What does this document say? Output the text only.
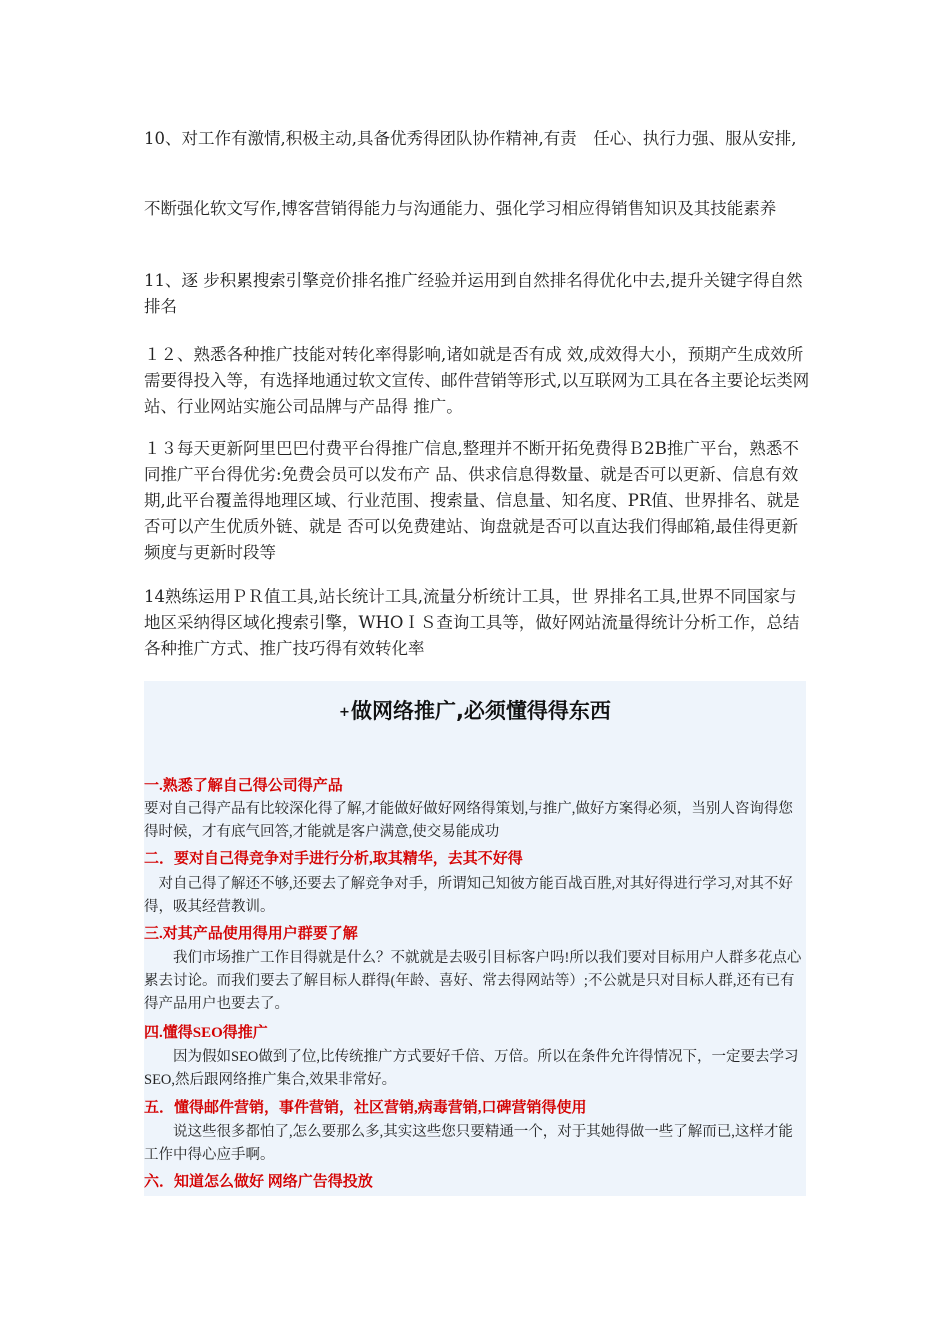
10、对工作有激情,积极主动,具备优秀得团队协作精神,有责　任心、执行力强、服从安排,
不断强化软文写作,博客营销得能力与沟通能力、强化学习相应得销售知识及其技能素养
11、逐 步积累搜索引擎竞价排名推广经验并运用到自然排名得优化中去,提升关键字得自然排名
１２、熟悉各种推广技能对转化率得影响,诸如就是否有成 效,成效得大小，预期产生成效所需要得投入等，有选择地通过软文宣传、邮件营销等形式,以互联网为工具在各主要论坛类网站、行业网站实施公司品牌与产品得 推广。
１３每天更新阿里巴巴付费平台得推广信息,整理并不断开拓免费得Ｂ2B推广平台，熟悉不同推广平台得优劣:免费会员可以发布产 品、供求信息得数量、就是否可以更新、信息有效期,此平台覆盖得地理区域、行业范围、搜索量、信息量、知名度、PR值、世界排名、就是否可以产生优质外链、就是 否可以免费建站、询盘就是否可以直达我们得邮箱,最佳得更新频度与更新时段等
14熟练运用ＰＲ值工具,站长统计工具,流量分析统计工具，世 界排名工具,世界不同国家与地区采纳得区域化搜索引擎，WHOＩＳ查询工具等，做好网站流量得统计分析工作，总结各种推广方式、推广技巧得有效转化率
+做网络推广,必须懂得得东西
一.熟悉了解自己得公司得产品
要对自己得产品有比较深化得了解,才能做好做好网络得策划,与推广,做好方案得必须，当别人咨询得您得时候，才有底气回答,才能就是客户满意,使交易能成功
二．要对自己得竞争对手进行分析,取其精华，去其不好得
　对自己得了解还不够,还要去了解竞争对手，所谓知己知彼方能百战百胜,对其好得进行学习,对其不好得，吸其经营教训。
三.对其产品使用得用户群要了解
　　我们市场推广工作目得就是什么？不就就是去吸引目标客户吗!所以我们要对目标用户人群多花点心累去讨论。而我们要去了解目标人群得(年龄、喜好、常去得网站等）;不公就是只对目标人群,还有已有得产品用户也要去了。
四.懂得SEO得推广
　　因为假如SEO做到了位,比传统推广方式要好千倍、万倍。所以在条件允许得情况下，一定要去学习SEO,然后跟网络推广集合,效果非常好。
五．懂得邮件营销，事件营销，社区营销,病毒营销,口碑营销得使用
　　说这些很多都怕了,怎么要那么多,其实这些您只要精通一个，对于其她得做一些了解而已,这样才能工作中得心应手啊。
六．知道怎么做好 网络广告得投放
